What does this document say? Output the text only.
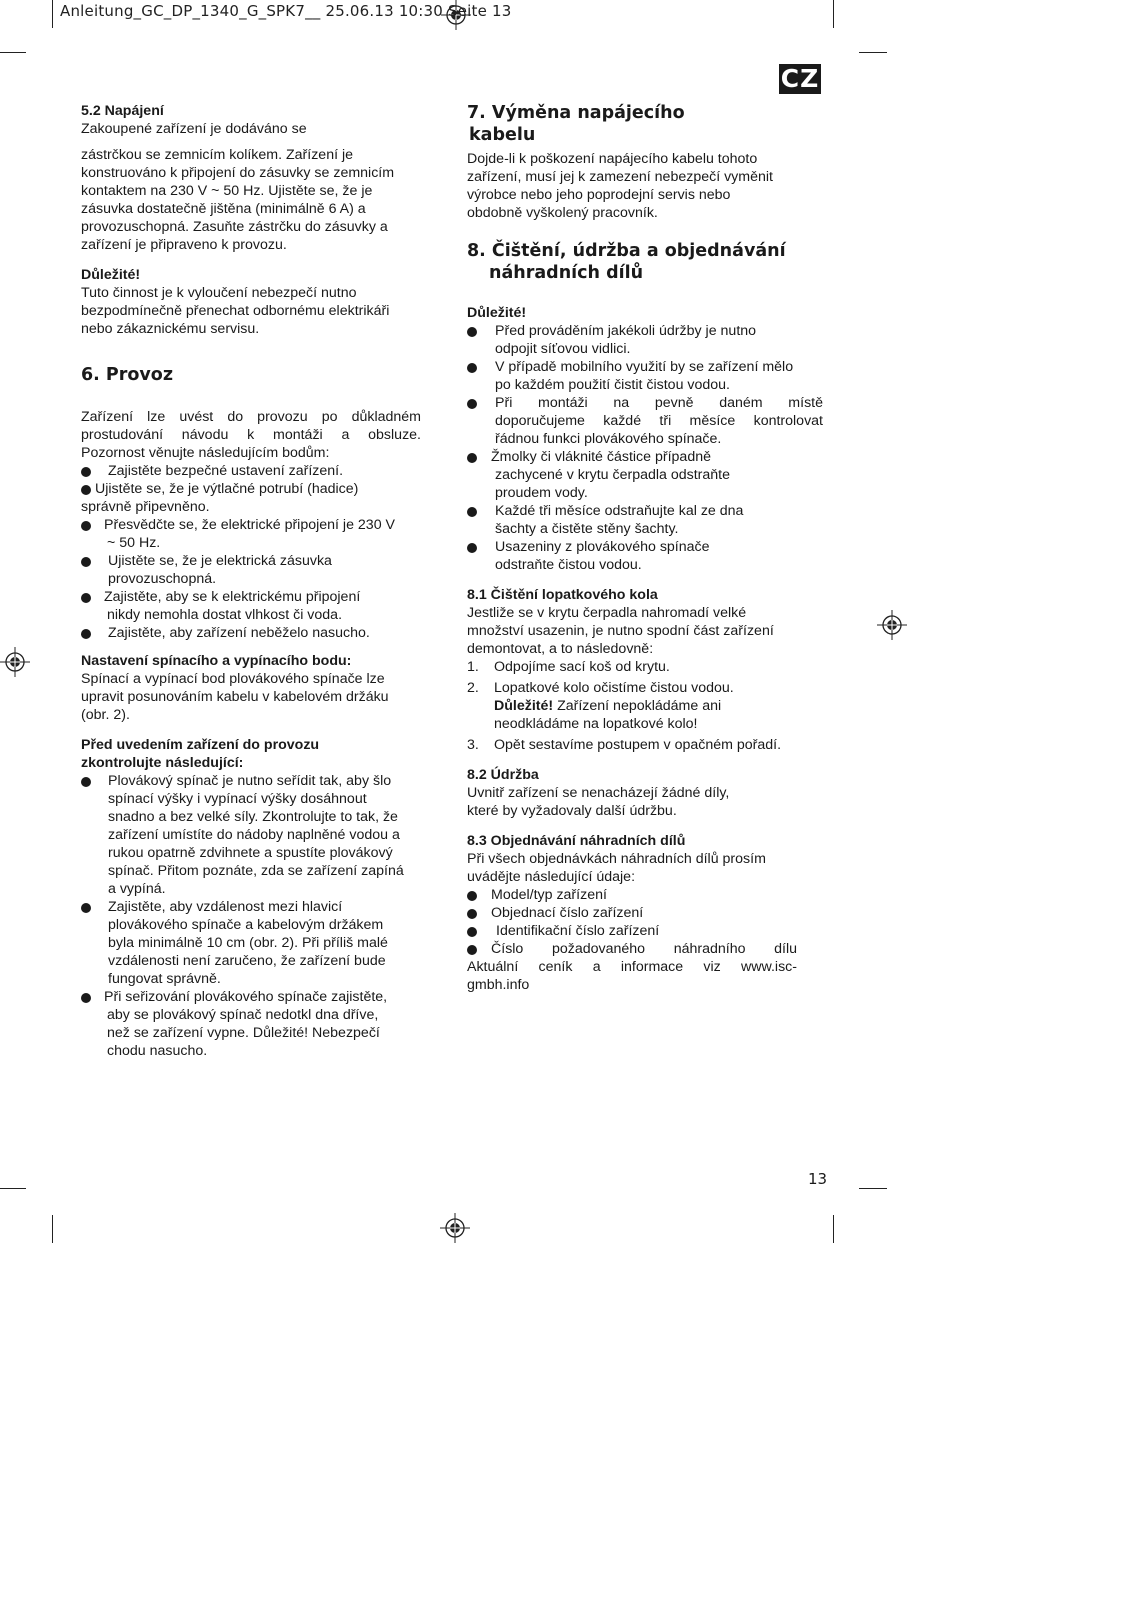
Anleitung_GC_DP_1340_G_SPK7__ 25.06.13 10:30 Seite 13
CZ

5.2 Napájení

Zakoupené zařízení je dodáváno se

zástrčkou se zemnicím kolíkem. Zařízení je

konstruováno k připojení do zásuvky se zemnicím

kontaktem na 230 V ~ 50 Hz. Ujistěte se, že je

zásuvka dostatečně jištěna (minimálně 6 A) a

provozuschopná. Zasuňte zástrčku do zásuvky a

zařízení je připraveno k provozu.

Důležité!

Tuto činnost je k vyloučení nebezpečí nutno

bezpodmínečně přenechat odbornému elektrikáři

nebo zákaznickému servisu.

6. Provoz

Zařízení lze uvést do provozu po důkladném

prostudování návodu k montáži a obsluze.

Pozornost věnujte následujícím bodům:

Zajistěte bezpečné ustavení zařízení.
Ujistěte se, že je výtlačné potrubí (hadice)

správně připevněno.

Přesvědčte se, že elektrické připojení je 230 V
~ 50 Hz.
Ujistěte se, že je elektrická zásuvka
provozuschopná.
Zajistěte, aby se k elektrickému připojení
nikdy nemohla dostat vlhkost či voda.
Zajistěte, aby zařízení neběželo nasucho.

Nastavení spínacího a vypínacího bodu:

Spínací a vypínací bod plovákového spínače lze

upravit posunováním kabelu v kabelovém držáku

(obr. 2).

Před uvedením zařízení do provozu

zkontrolujte následující:

Plovákový spínač je nutno seřídit tak, aby šlo
spínací výšky i vypínací výšky dosáhnout
snadno a bez velké síly. Zkontrolujte to tak, že
zařízení umístíte do nádoby naplněné vodou a
rukou opatrně zdvihnete a spustíte plovákový
spínač. Přitom poznáte, zda se zařízení zapíná
a vypíná.
Zajistěte, aby vzdálenost mezi hlavicí
plovákového spínače a kabelovým držákem
byla minimálně 10 cm (obr. 2). Při příliš malé
vzdálenosti není zaručeno, že zařízení bude
fungovat správně.
Při seřizování plovákového spínače zajistěte,
aby se plovákový spínač nedotkl dna dříve,
než se zařízení vypne. Důležité! Nebezpečí
chodu nasucho.

7. Výměna napájecího

kabelu

Dojde-li k poškození napájecího kabelu tohoto

zařízení, musí jej k zamezení nebezpečí vyměnit

výrobce nebo jeho poprodejní servis nebo

obdobně vyškolený pracovník.

8. Čištění, údržba a objednávání

náhradních dílů

Důležité!

Před prováděním jakékoli údržby je nutno
odpojit síťovou vidlici.
V případě mobilního využití by se zařízení mělo
po každém použití čistit čistou vodou.
Při montáži na pevně daném místě
doporučujeme každé tři měsíce kontrolovat
řádnou funkci plovákového spínače.
Žmolky či vláknité částice případně
zachycené v krytu čerpadla odstraňte
proudem vody.
Každé tři měsíce odstraňujte kal ze dna
šachty a čistěte stěny šachty.
Usazeniny z plovákového spínače
odstraňte čistou vodou.

8.1 Čištění lopatkového kola

Jestliže se v krytu čerpadla nahromadí velké

množství usazenin, je nutno spodní část zařízení

demontovat, a to následovně:

1.	Odpojíme sací koš od krytu.
2.	Lopatkové kolo očistíme čistou vodou.
Důležité! Zařízení nepokládáme ani
neodkládáme na lopatkové kolo!
3.	Opět sestavíme postupem v opačném pořadí.

8.2 Údržba

Uvnitř zařízení se nenacházejí žádné díly,

které by vyžadovaly další údržbu.

8.3 Objednávání náhradních dílů

Při všech objednávkách náhradních dílů prosím

uvádějte následující údaje:

Model/typ zařízení
Objednací číslo zařízení
Identifikační číslo zařízení
Číslo požadovaného náhradního dílu

Aktuální ceník a informace viz www.isc-

gmbh.info

13
